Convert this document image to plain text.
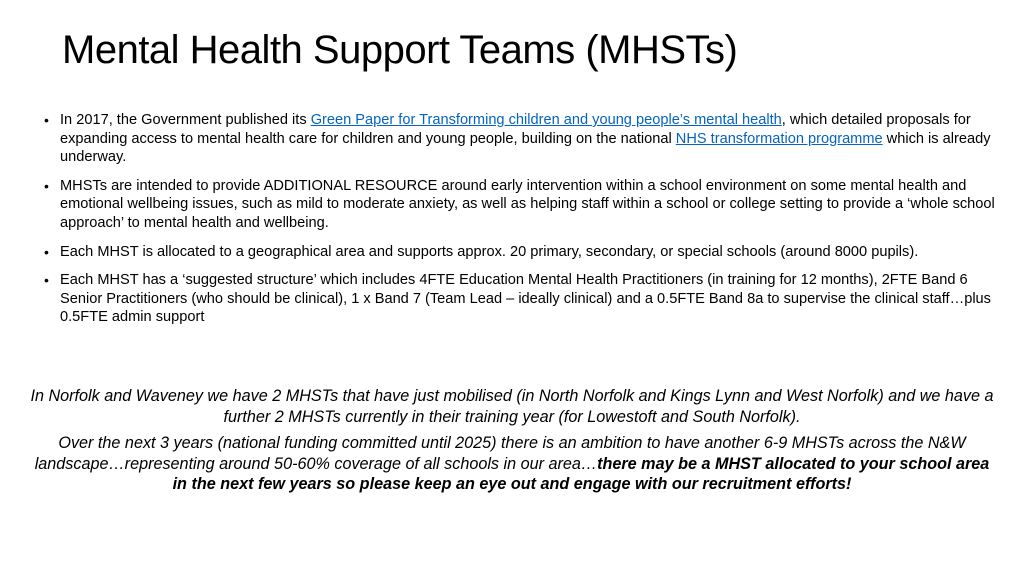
Mental Health Support Teams (MHSTs)
• In 2017, the Government published its Green Paper for Transforming children and young people’s mental health, which detailed proposals for expanding access to mental health care for children and young people, building on the national NHS transformation programme which is already underway.
• MHSTs are intended to provide ADDITIONAL RESOURCE around early intervention within a school environment on some mental health and emotional wellbeing issues, such as mild to moderate anxiety, as well as helping staff within a school or college setting to provide a ‘whole school approach’ to mental health and wellbeing.
• Each MHST is allocated to a geographical area and supports approx. 20 primary, secondary, or special schools (around 8000 pupils).
• Each MHST has a ‘suggested structure’ which includes 4FTE Education Mental Health Practitioners (in training for 12 months), 2FTE Band 6 Senior Practitioners (who should be clinical), 1 x Band 7 (Team Lead – ideally clinical) and a 0.5FTE Band 8a to supervise the clinical staff…plus 0.5FTE admin support

In Norfolk and Waveney we have 2 MHSTs that have just mobilised (in North Norfolk and Kings Lynn and West Norfolk) and we have a further 2 MHSTs currently in their training year (for Lowestoft and South Norfolk).

Over the next 3 years (national funding committed until 2025) there is an ambition to have another 6-9 MHSTs across the N&W landscape…representing around 50-60% coverage of all schools in our area…there may be a MHST allocated to your school area in the next few years so please keep an eye out and engage with our recruitment efforts!
